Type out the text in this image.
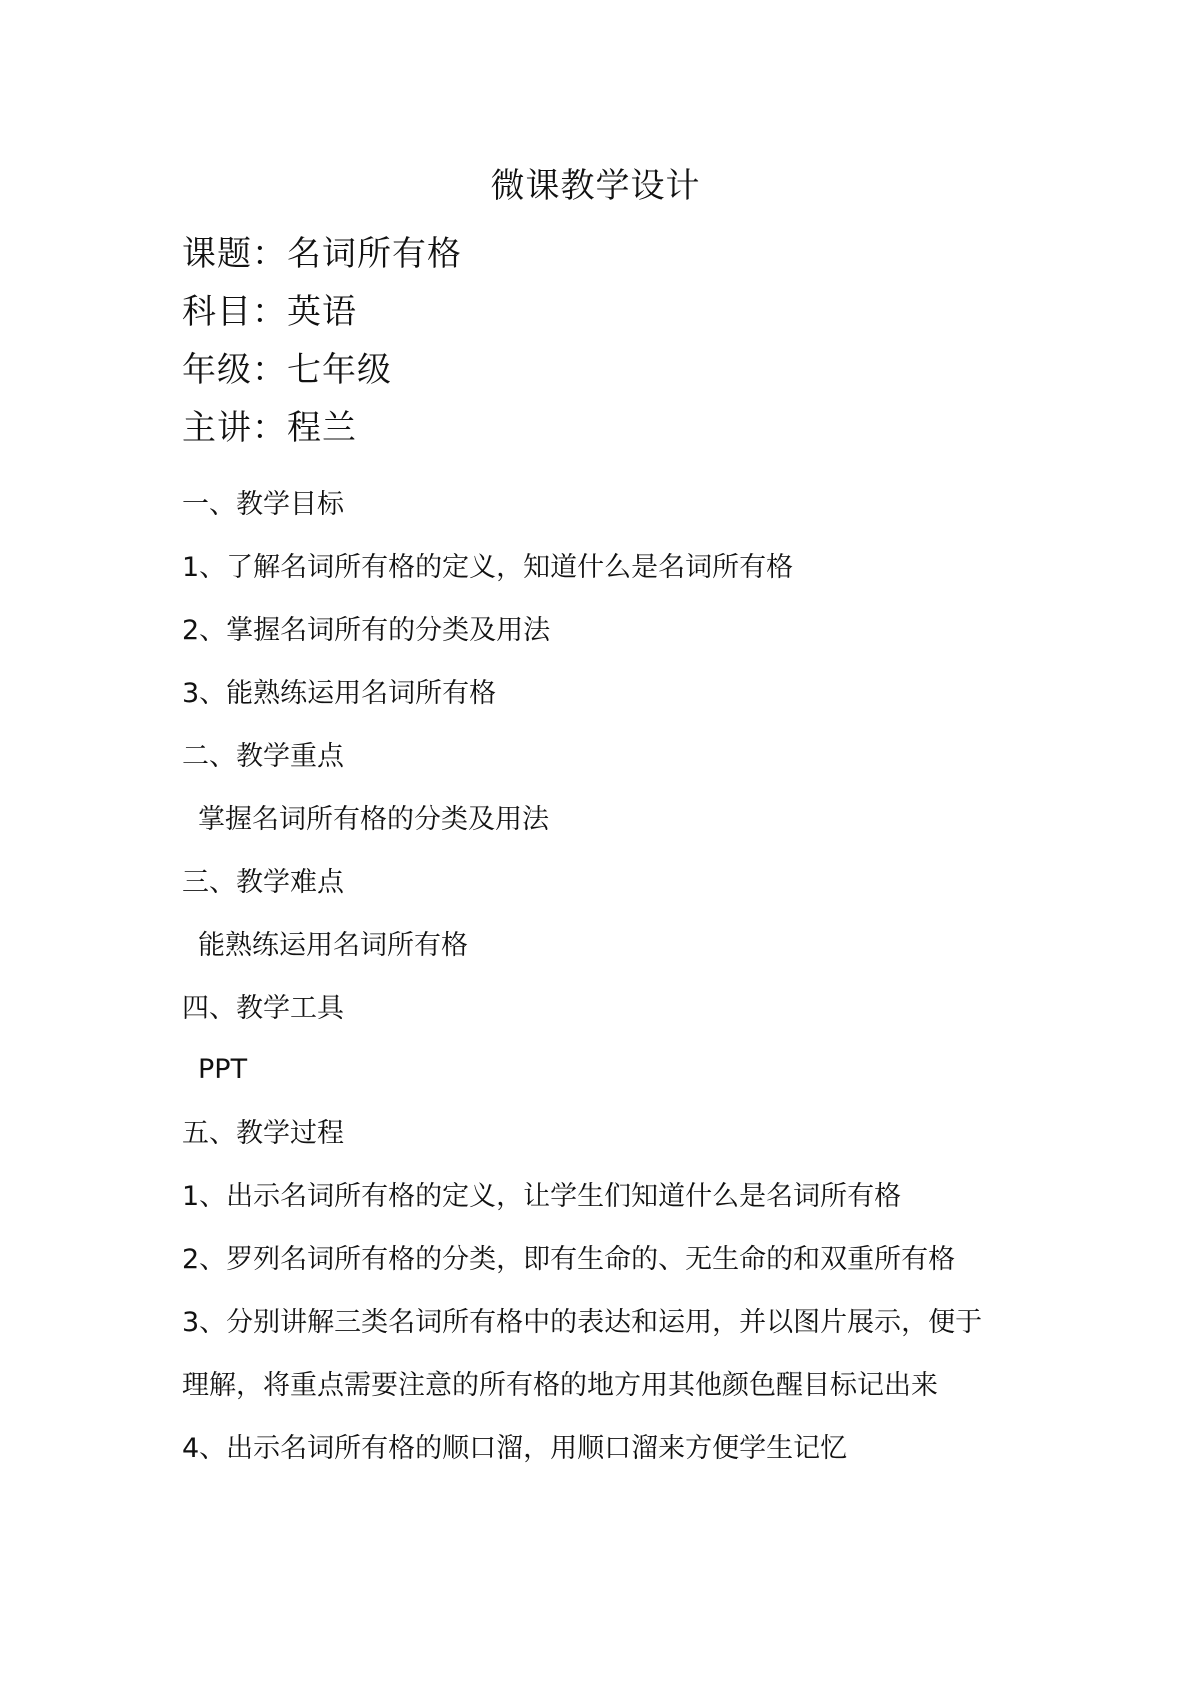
微课教学设计
课题：名词所有格
科目：英语
年级：七年级
主讲：程兰
一、教学目标
1、了解名词所有格的定义，知道什么是名词所有格
2、掌握名词所有的分类及用法
3、能熟练运用名词所有格
二、教学重点
掌握名词所有格的分类及用法
三、教学难点
能熟练运用名词所有格
四、教学工具
PPT
五、教学过程
1、出示名词所有格的定义，让学生们知道什么是名词所有格
2、罗列名词所有格的分类，即有生命的、无生命的和双重所有格
3、分别讲解三类名词所有格中的表达和运用，并以图片展示，便于
理解，将重点需要注意的所有格的地方用其他颜色醒目标记出来
4、出示名词所有格的顺口溜，用顺口溜来方便学生记忆
